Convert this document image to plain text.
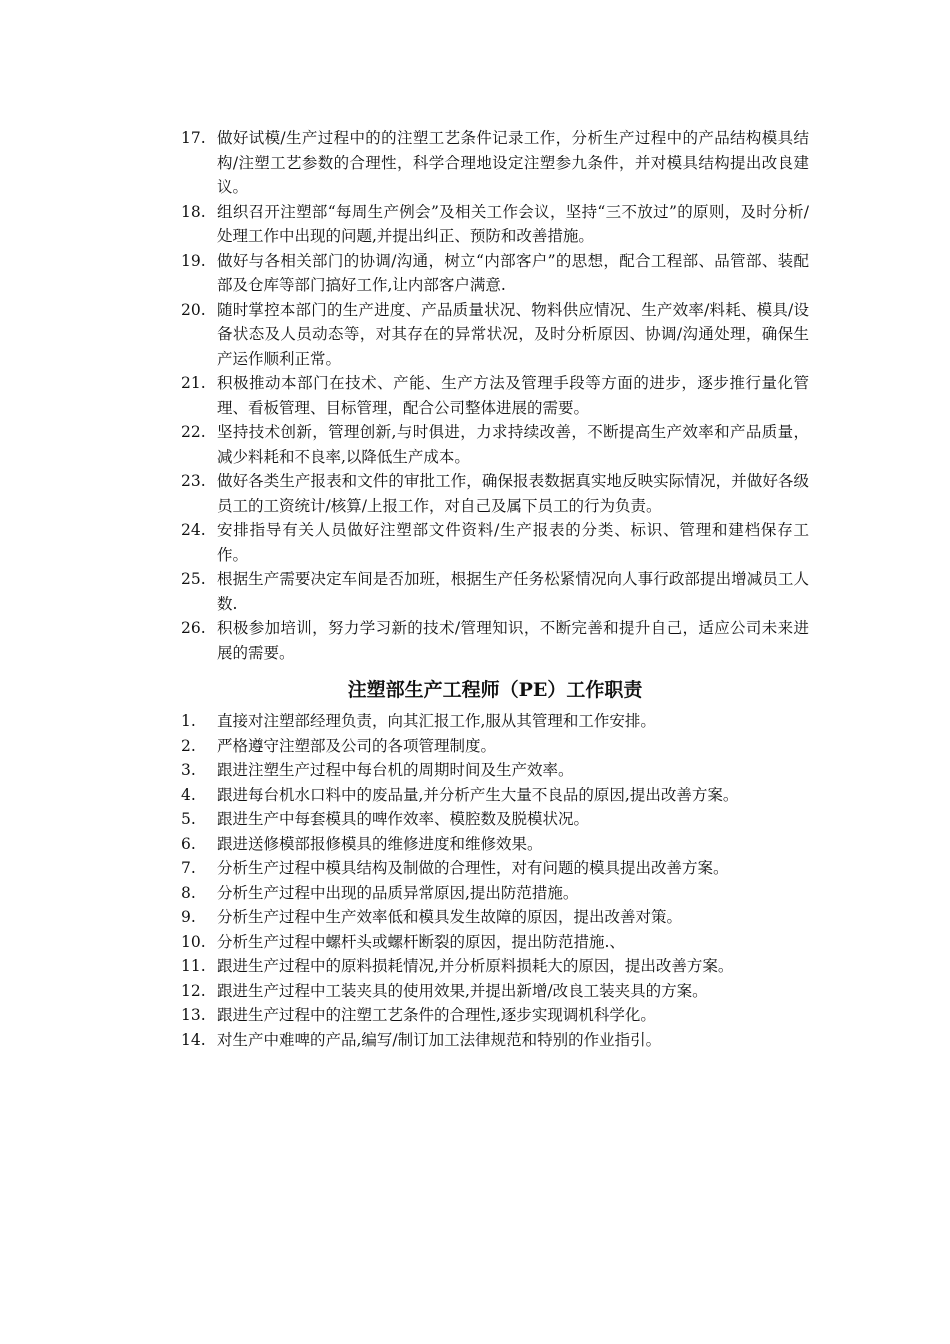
17. 做好试模/生产过程中的的注塑工艺条件记录工作，分析生产过程中的产品结构模具结构/注塑工艺参数的合理性，科学合理地设定注塑参九条件，并对模具结构提出改良建议。
18. 组织召开注塑部“每周生产例会”及相关工作会议，坚持“三不放过”的原则，及时分析/处理工作中出现的问题,并提出纠正、预防和改善措施。
19. 做好与各相关部门的协调/沟通，树立“内部客户”的思想，配合工程部、品管部、装配部及仓库等部门搞好工作,让内部客户满意.
20. 随时掌控本部门的生产进度、产品质量状况、物料供应情况、生产效率/料耗、模具/设备状态及人员动态等，对其存在的异常状况，及时分析原因、协调/沟通处理，确保生产运作顺利正常。
21. 积极推动本部门在技术、产能、生产方法及管理手段等方面的进步，逐步推行量化管理、看板管理、目标管理，配合公司整体进展的需要。
22. 坚持技术创新，管理创新,与时俱进，力求持续改善，不断提高生产效率和产品质量，减少料耗和不良率,以降低生产成本。
23. 做好各类生产报表和文件的审批工作，确保报表数据真实地反映实际情况，并做好各级员工的工资统计/核算/上报工作，对自己及属下员工的行为负责。
24. 安排指导有关人员做好注塑部文件资料/生产报表的分类、标识、管理和建档保存工作。
25. 根据生产需要决定车间是否加班，根据生产任务松紧情况向人事行政部提出增减员工人数.
26. 积极参加培训，努力学习新的技术/管理知识，不断完善和提升自己，适应公司未来进展的需要。
注塑部生产工程师（PE）工作职责
1.	直接对注塑部经理负责，向其汇报工作,服从其管理和工作安排。
2.	严格遵守注塑部及公司的各项管理制度。
3.	跟进注塑生产过程中每台机的周期时间及生产效率。
4.	跟进每台机水口料中的废品量,并分析产生大量不良品的原因,提出改善方案。
5.	跟进生产中每套模具的啤作效率、模腔数及脱模状况。
6.	跟进送修模部报修模具的维修进度和维修效果。
7.	分析生产过程中模具结构及制做的合理性，对有问题的模具提出改善方案。
8.	分析生产过程中出现的品质异常原因,提出防范措施。
9.	分析生产过程中生产效率低和模具发生故障的原因，提出改善对策。
10. 分析生产过程中螺杆头或螺杆断裂的原因，提出防范措施.、
11. 跟进生产过程中的原料损耗情况,并分析原料损耗大的原因，提出改善方案。
12. 跟进生产过程中工装夹具的使用效果,并提出新增/改良工装夹具的方案。
13. 跟进生产过程中的注塑工艺条件的合理性,逐步实现调机科学化。
14. 对生产中难啤的产品,编写/制订加工法律规范和特别的作业指引。
